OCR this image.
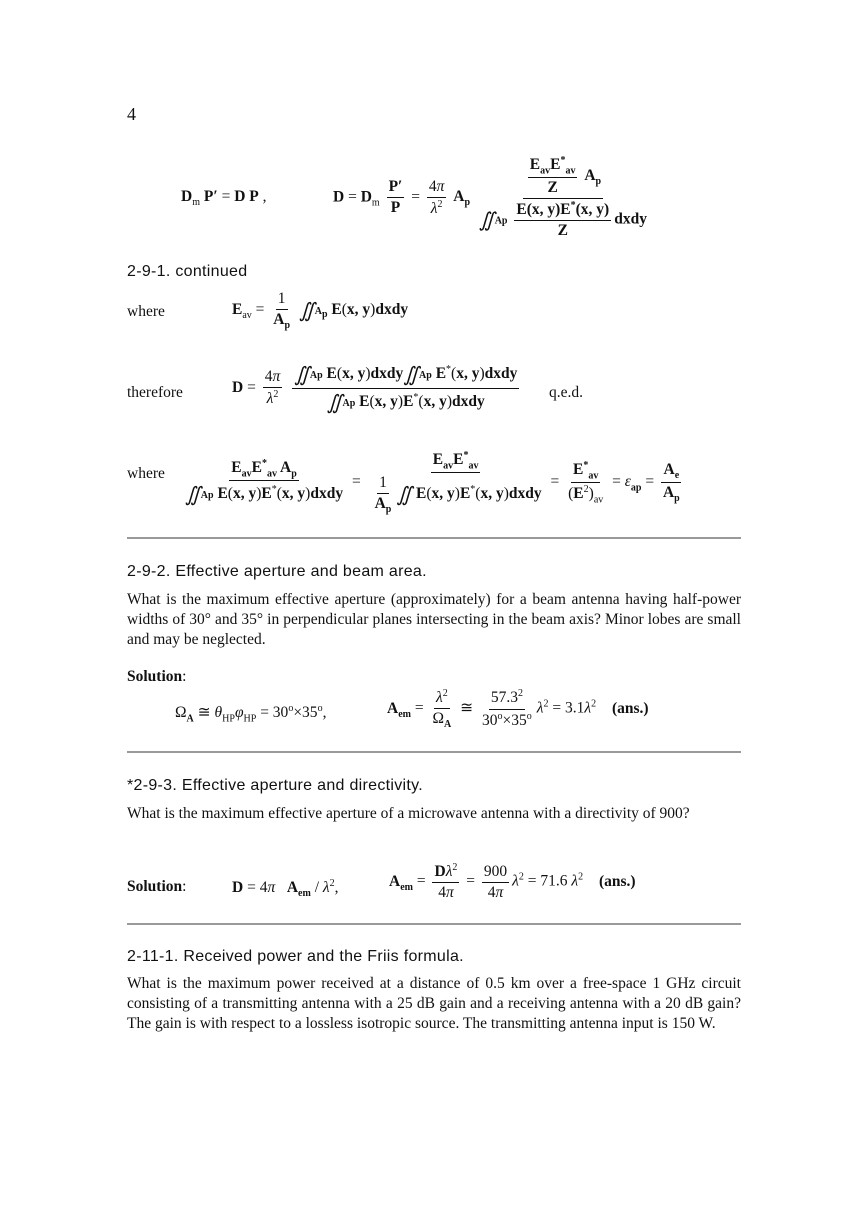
4
$D_m$ P′ = D P ,	$D = D_m \frac{P'}{P} = \frac{4\pi}{\lambda^2} A_p \frac{\frac{E_{av}E^*_{av}}{Z} A_p}{∬Ap \frac{E(x, y)E^*(x, y)}{Z} dxdy}$
2-9-1. continued
where	$E_{av} = \frac{1}{A_p}$ $∬A_p$ E(x, y)dxdy
therefore	$D = \frac{4\pi}{\lambda^2}$
$\frac{∬Ap E(x, y)dxdy∬Ap E^*(x, y)dxdy}{∬Ap E(x, y)E^*(x, y)dxdy} q.e.d$.
where $\frac{E_{av}E^*_{av} A_p}{∬Ap E(x, y)E^*(x, y)dxdy} = \frac{E_{av}E^*_{av}}{\frac{1}{A_p} ∬ E(x, y)E^*(x, y)dxdy} = \frac{E^*_{av}}{(E^2)_{av}} = \varepsilon_{ap} = \frac{A_e}{A_p}$
2-9-2. Effective aperture and beam area.
What is the maximum effective aperture (approximately) for a beam antenna having half-power widths of 30° and 35° in perpendicular planes intersecting in the beam axis? Minor lobes are small and may be neglected.
Solution:
$\Omega_A$ ≅ $\theta_{HP}\varphi_{HP} = 30^o\times 35^o$,	$A_{em} = \frac{\lambda^2}{\Omega_A}$ ≅ $\frac{57.3^2}{30^o\times 35^o} \lambda^2 = 3.1\lambda^2$ (ans.)
*2-9-3. Effective aperture and directivity.
What is the maximum effective aperture of a microwave antenna with a directivity of 900?
Solution:	D = 4π $A_{em} / \lambda^2$,	$A_{em} = \frac{D\lambda^2}{4\pi} = \frac{900}{4\pi} \lambda^2 = 71.6$ $\lambda^2$ (ans.)
2-11-1. Received power and the Friis formula.
What is the maximum power received at a distance of 0.5 km over a free-space 1 GHz circuit consisting of a transmitting antenna with a 25 dB gain and a receiving antenna with a 20 dB gain? The gain is with respect to a lossless isotropic source. The transmitting antenna input is 150 W.
